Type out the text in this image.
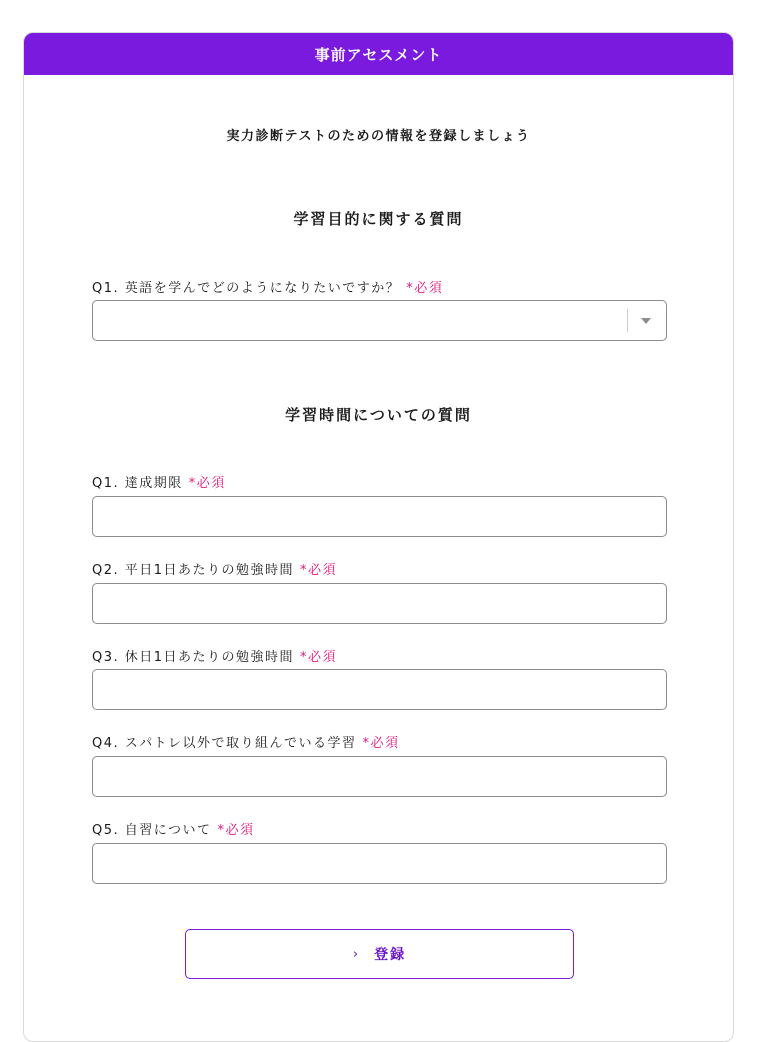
事前アセスメント
実力診断テストのための情報を登録しましょう
学習目的に関する質問
Q1. 英語を学んでどのようになりたいですか？ *必須
学習時間についての質問
Q1. 達成期限 *必須
Q2. 平日1日あたりの勉強時間 *必須
Q3. 休日1日あたりの勉強時間 *必須
Q4. スパトレ以外で取り組んでいる学習 *必須
Q5. 自習について *必須
› 登録
